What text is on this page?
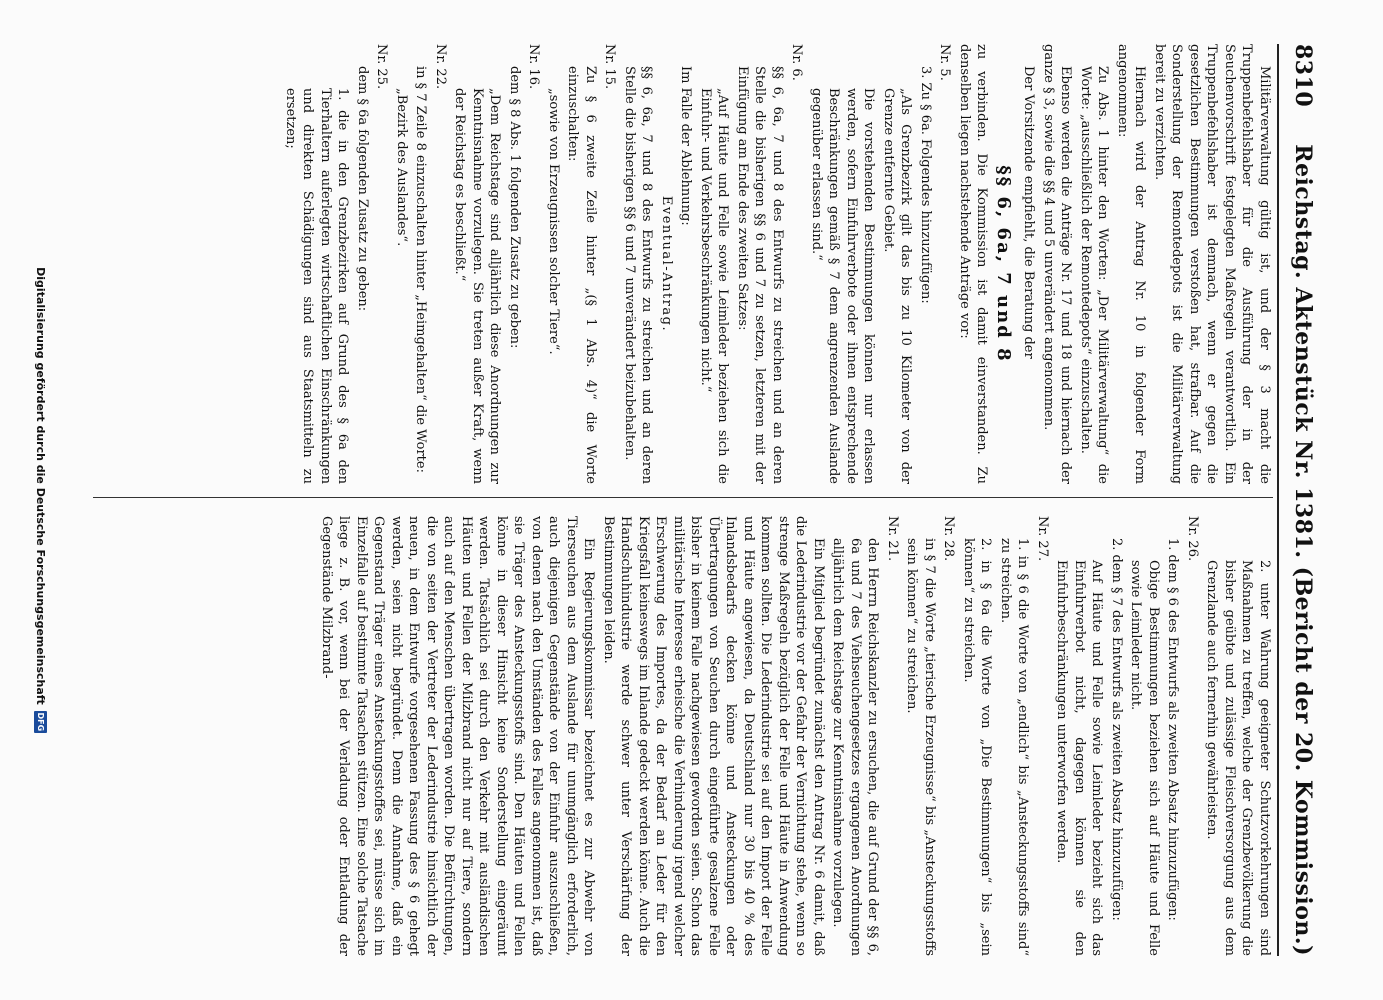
8310
Reichstag. Aktenstück Nr. 1381. (Bericht der 20. Kommission.)

Militärverwaltung gültig ist, und der § 3 macht die Truppenbefehlshaber für die Ausführung der in der Seuchenvorschrift festgelegten Maßregeln verantwortlich. Ein Truppenbefehlshaber ist demnach, wenn er gegen die gesetzlichen Bestimmungen verstoßen hat, strafbar. Auf die Sonderstellung der Remontedepots ist die Militärverwaltung bereit zu verzichten.

Hiernach wird der Antrag Nr. 10 in folgender Form angenommen:

Zu Abs. 1 hinter den Worten: „Der Militärverwaltung“ die Worte: „ausschließlich der Remontedepots“ einzuschalten.

Ebenso werden die Anträge Nr. 17 und 18 und hiernach der ganze § 3, sowie die §§ 4 und 5 unverändert angenommen.

Der Vorsitzende empfiehlt, die Beratung der

§§ 6, 6a, 7 und 8

zu verbinden. Die Kommission ist damit einverstanden. Zu denselben liegen nachstehende Anträge vor:

Nr. 5.

3. Zu § 6a. Folgendes hinzuzufügen:

„Als Grenzbezirk gilt das bis zu 10 Kilometer von der Grenze entfernte Gebiet.

Die vorstehenden Bestimmungen können nur erlassen werden, sofern Einfuhrverbote oder ihnen entsprechende Beschränkungen gemäß § 7 dem angrenzenden Auslande gegenüber erlassen sind.“

Nr. 6.

§§ 6, 6a, 7 und 8 des Entwurfs zu streichen und an deren Stelle die bisherigen §§ 6 und 7 zu setzen, letzteren mit der Einfügung am Ende des zweiten Satzes:

„Auf Häute und Felle sowie Leimleder beziehen sich die Einfuhr- und Verkehrsbeschränkungen nicht.“

Im Falle der Ablehnung:

Eventual-Antrag.

§§ 6, 6a, 7 und 8 des Entwurfs zu streichen und an deren Stelle die bisherigen §§ 6 und 7 unverändert beizubehalten.

Nr. 15.

Zu § 6 zweite Zeile hinter „(§ 1 Abs. 4)“ die Worte einzuschalten:

„sowie von Erzeugnissen solcher Tiere“.

Nr. 16.

dem § 8 Abs. 1 folgenden Zusatz zu geben:

„Dem Reichstage sind alljährlich diese Anordnungen zur Kenntnisnahme vorzulegen. Sie treten außer Kraft, wenn der Reichstag es beschließt.“

Nr. 22.

in § 7 Zeile 8 einzuschalten hinter „Heimgehalten“ die Worte:

„Bezirk des Auslandes“.

Nr. 25.

dem § 6a folgenden Zusatz zu geben:

1. die in den Grenzbezirken auf Grund des § 6a den Tierhaltern auferlegten wirtschaftlichen Einschränkungen und direkten Schädigungen sind aus Staatsmitteln zu ersetzen;

2. unter Wahrung geeigneter Schutzvorkehrungen sind Maßnahmen zu treffen, welche der Grenzbevölkerung die bisher geübte und zulässige Fleischversorgung aus dem Grenzlande auch fernerhin gewährleisten.

Nr. 26.

1. dem § 6 des Entwurfs als zweiten Absatz hinzuzufügen:

Obige Bestimmungen beziehen sich auf Häute und Felle sowie Leimleder nicht.

2. dem § 7 des Entwurfs als zweiten Absatz hinzuzufügen:

Auf Häute und Felle sowie Leimleder bezieht sich das Einfuhrverbot nicht, dagegen können sie den Einfuhrbeschränkungen unterworfen werden.

Nr. 27.

1. in § 6 die Worte von „endlich“ bis „Ansteckungsstoffs sind“ zu streichen.

2. in § 6a die Worte von „Die Bestimmungen“ bis „sein können“ zu streichen.

Nr. 28.

in § 7 die Worte „tierische Erzeugnisse“ bis „Ansteckungsstoffs sein können“ zu streichen.

Nr. 21.

den Herrn Reichskanzler zu ersuchen, die auf Grund der §§ 6, 6a und 7 des Viehseuchengesetzes ergangenen Anordnungen alljährlich dem Reichstage zur Kenntnisnahme vorzulegen.

Ein Mitglied begründet zunächst den Antrag Nr. 6 damit, daß die Lederindustrie vor der Gefahr der Vernichtung stehe, wenn so strenge Maßregeln bezüglich der Felle und Häute in Anwendung kommen sollten. Die Lederindustrie sei auf den Import der Felle und Häute angewiesen, da Deutschland nur 30 bis 40 % des Inlandsbedarfs decken könne und Ansteckungen oder Übertragungen von Seuchen durch eingeführte gesalzene Felle bisher in keinem Falle nachgewiesen geworden seien. Schon das militärische Interesse erheische die Verhinderung irgend welcher Erschwerung des Importes, da der Bedarf an Leder für den Kriegsfall keineswegs im Inlande gedeckt werden könne. Auch die Handschuhindustrie werde schwer unter Verschärfung der Bestimmungen leiden.

Ein Regierungskommissar bezeichnet es zur Abwehr von Tierseuchen aus dem Auslande für unumgänglich erforderlich, auch diejenigen Gegenstände von der Einfuhr auszuschließen, von denen nach den Umständen des Falles angenommen ist, daß sie Träger des Ansteckungsstoffs sind. Den Häuten und Fellen könne in dieser Hinsicht keine Sonderstellung eingeräumt werden. Tatsächlich sei durch den Verkehr mit ausländischen Häuten und Fellen der Milzbrand nicht nur auf Tiere, sondern auch auf den Menschen übertragen worden. Die Befürchtungen, die von seiten der Vertreter der Lederindustrie hinsichtlich der neuen, in dem Entwurfe vorgesehenen Fassung des § 6 gehegt werden, seien nicht begründet. Denn die Annahme, daß ein Gegenstand Träger eines Ansteckungsstoffes sei, müsse sich im Einzelfalle auf bestimmte Tatsachen stützen. Eine solche Tatsache liege z. B. vor, wenn bei der Verladung oder Entladung der Gegenstände Milzbrand-

Digitalisierung gefördert durch die Deutsche Forschungsgemeinschaft
DFG
